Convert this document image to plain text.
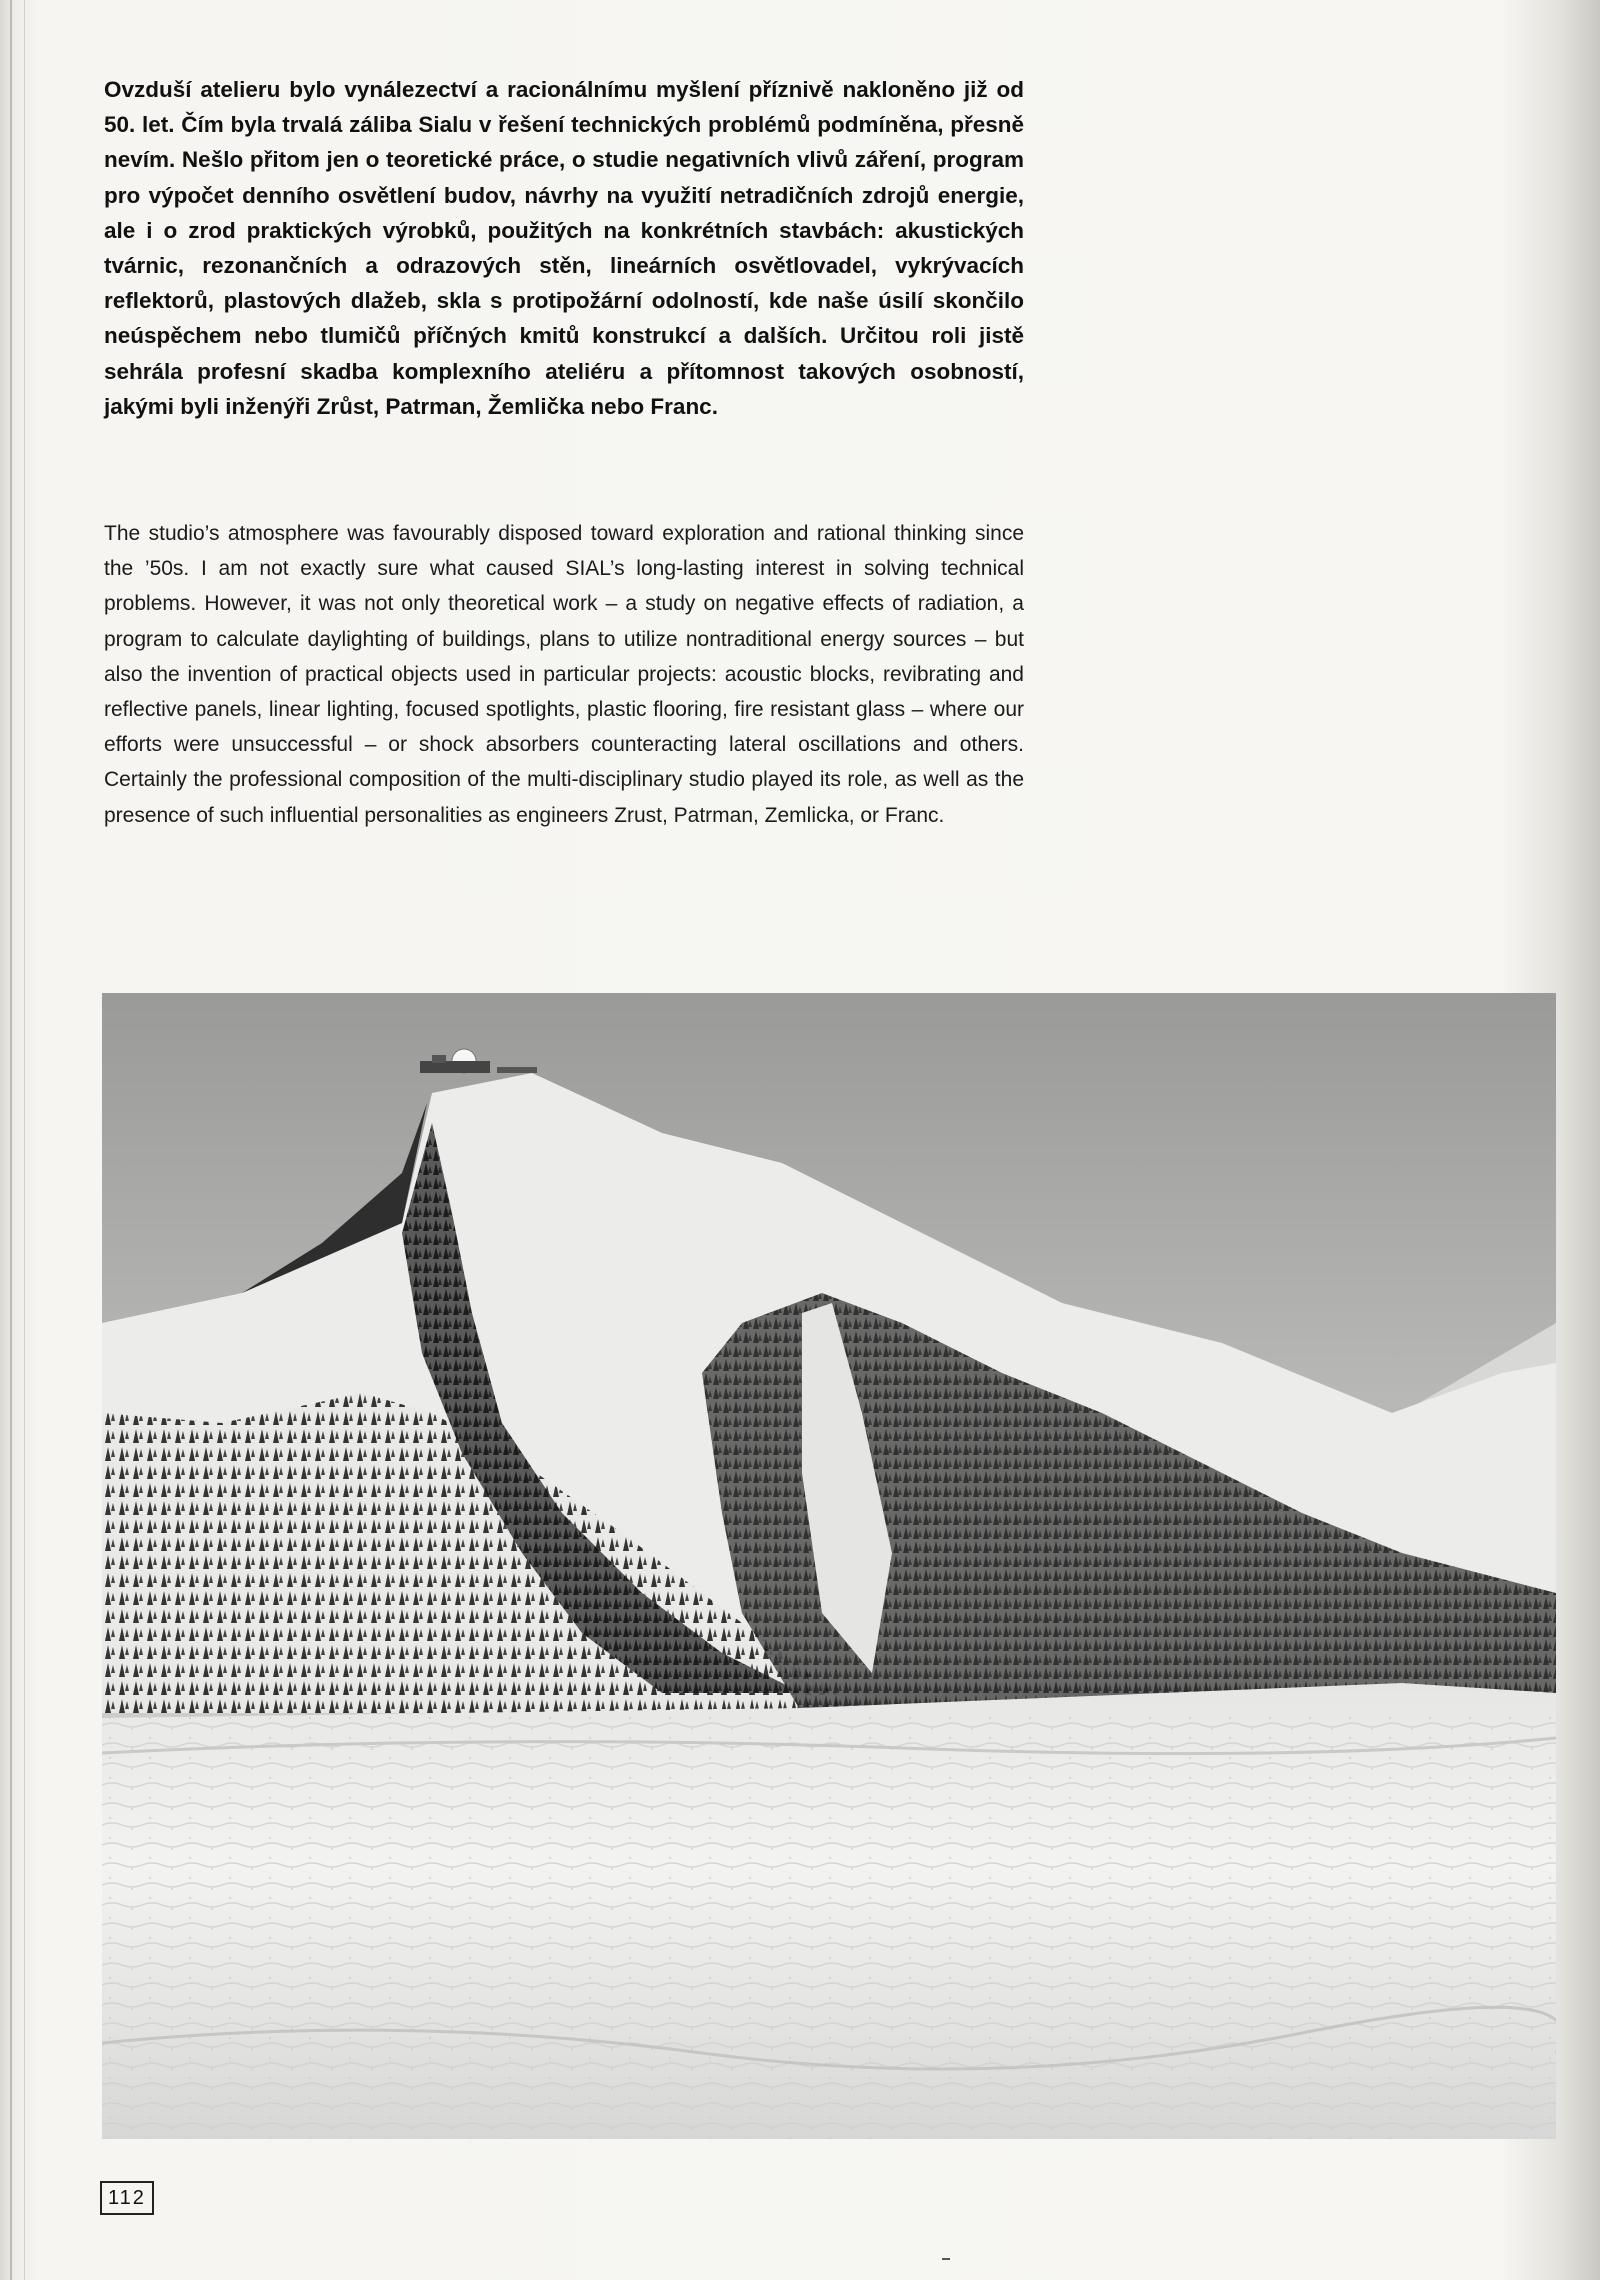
Ovzduší atelieru bylo vynálezectví a racionálnímu myšlení příznivě nakloněno již od 50. let. Čím byla trvalá záliba Sialu v řešení technických problémů podmíněna, přesně nevím. Nešlo přitom jen o teoretické práce, o studie negativních vlivů záření, program pro výpočet denního osvětlení budov, návrhy na využití netradičních zdrojů energie, ale i o zrod praktických výrobků, použitých na konkrétních stavbách: akustických tvárnic, rezonančních a odrazových stěn, lineárních osvětlovadel, vykrývacích reflektorů, plastových dlažeb, skla s protipožární odolností, kde naše úsilí skončilo neúspěchem nebo tlumičů příčných kmitů konstrukcí a dalších. Určitou roli jistě sehrála profesní skadba komplexního ateliéru a přítomnost takových osobností, jakými byli inženýři Zrůst, Patrman, Žemlička nebo Franc.
The studio’s atmosphere was favourably disposed toward exploration and rational thinking since the ’50s. I am not exactly sure what caused SIAL’s long-lasting interest in solving technical problems. However, it was not only theoretical work – a study on negative effects of radiation, a program to calculate daylighting of buildings, plans to utilize nontraditional energy sources – but also the invention of practical objects used in particular projects: acoustic blocks, revibrating and reflective panels, linear lighting, focused spotlights, plastic flooring, fire resistant glass – where our efforts were unsuccessful – or shock absorbers counteracting lateral oscillations and others. Certainly the professional composition of the multi-disciplinary studio played its role, as well as the presence of such influential personalities as engineers Zrust, Patrman, Zemlicka, or Franc.
112
